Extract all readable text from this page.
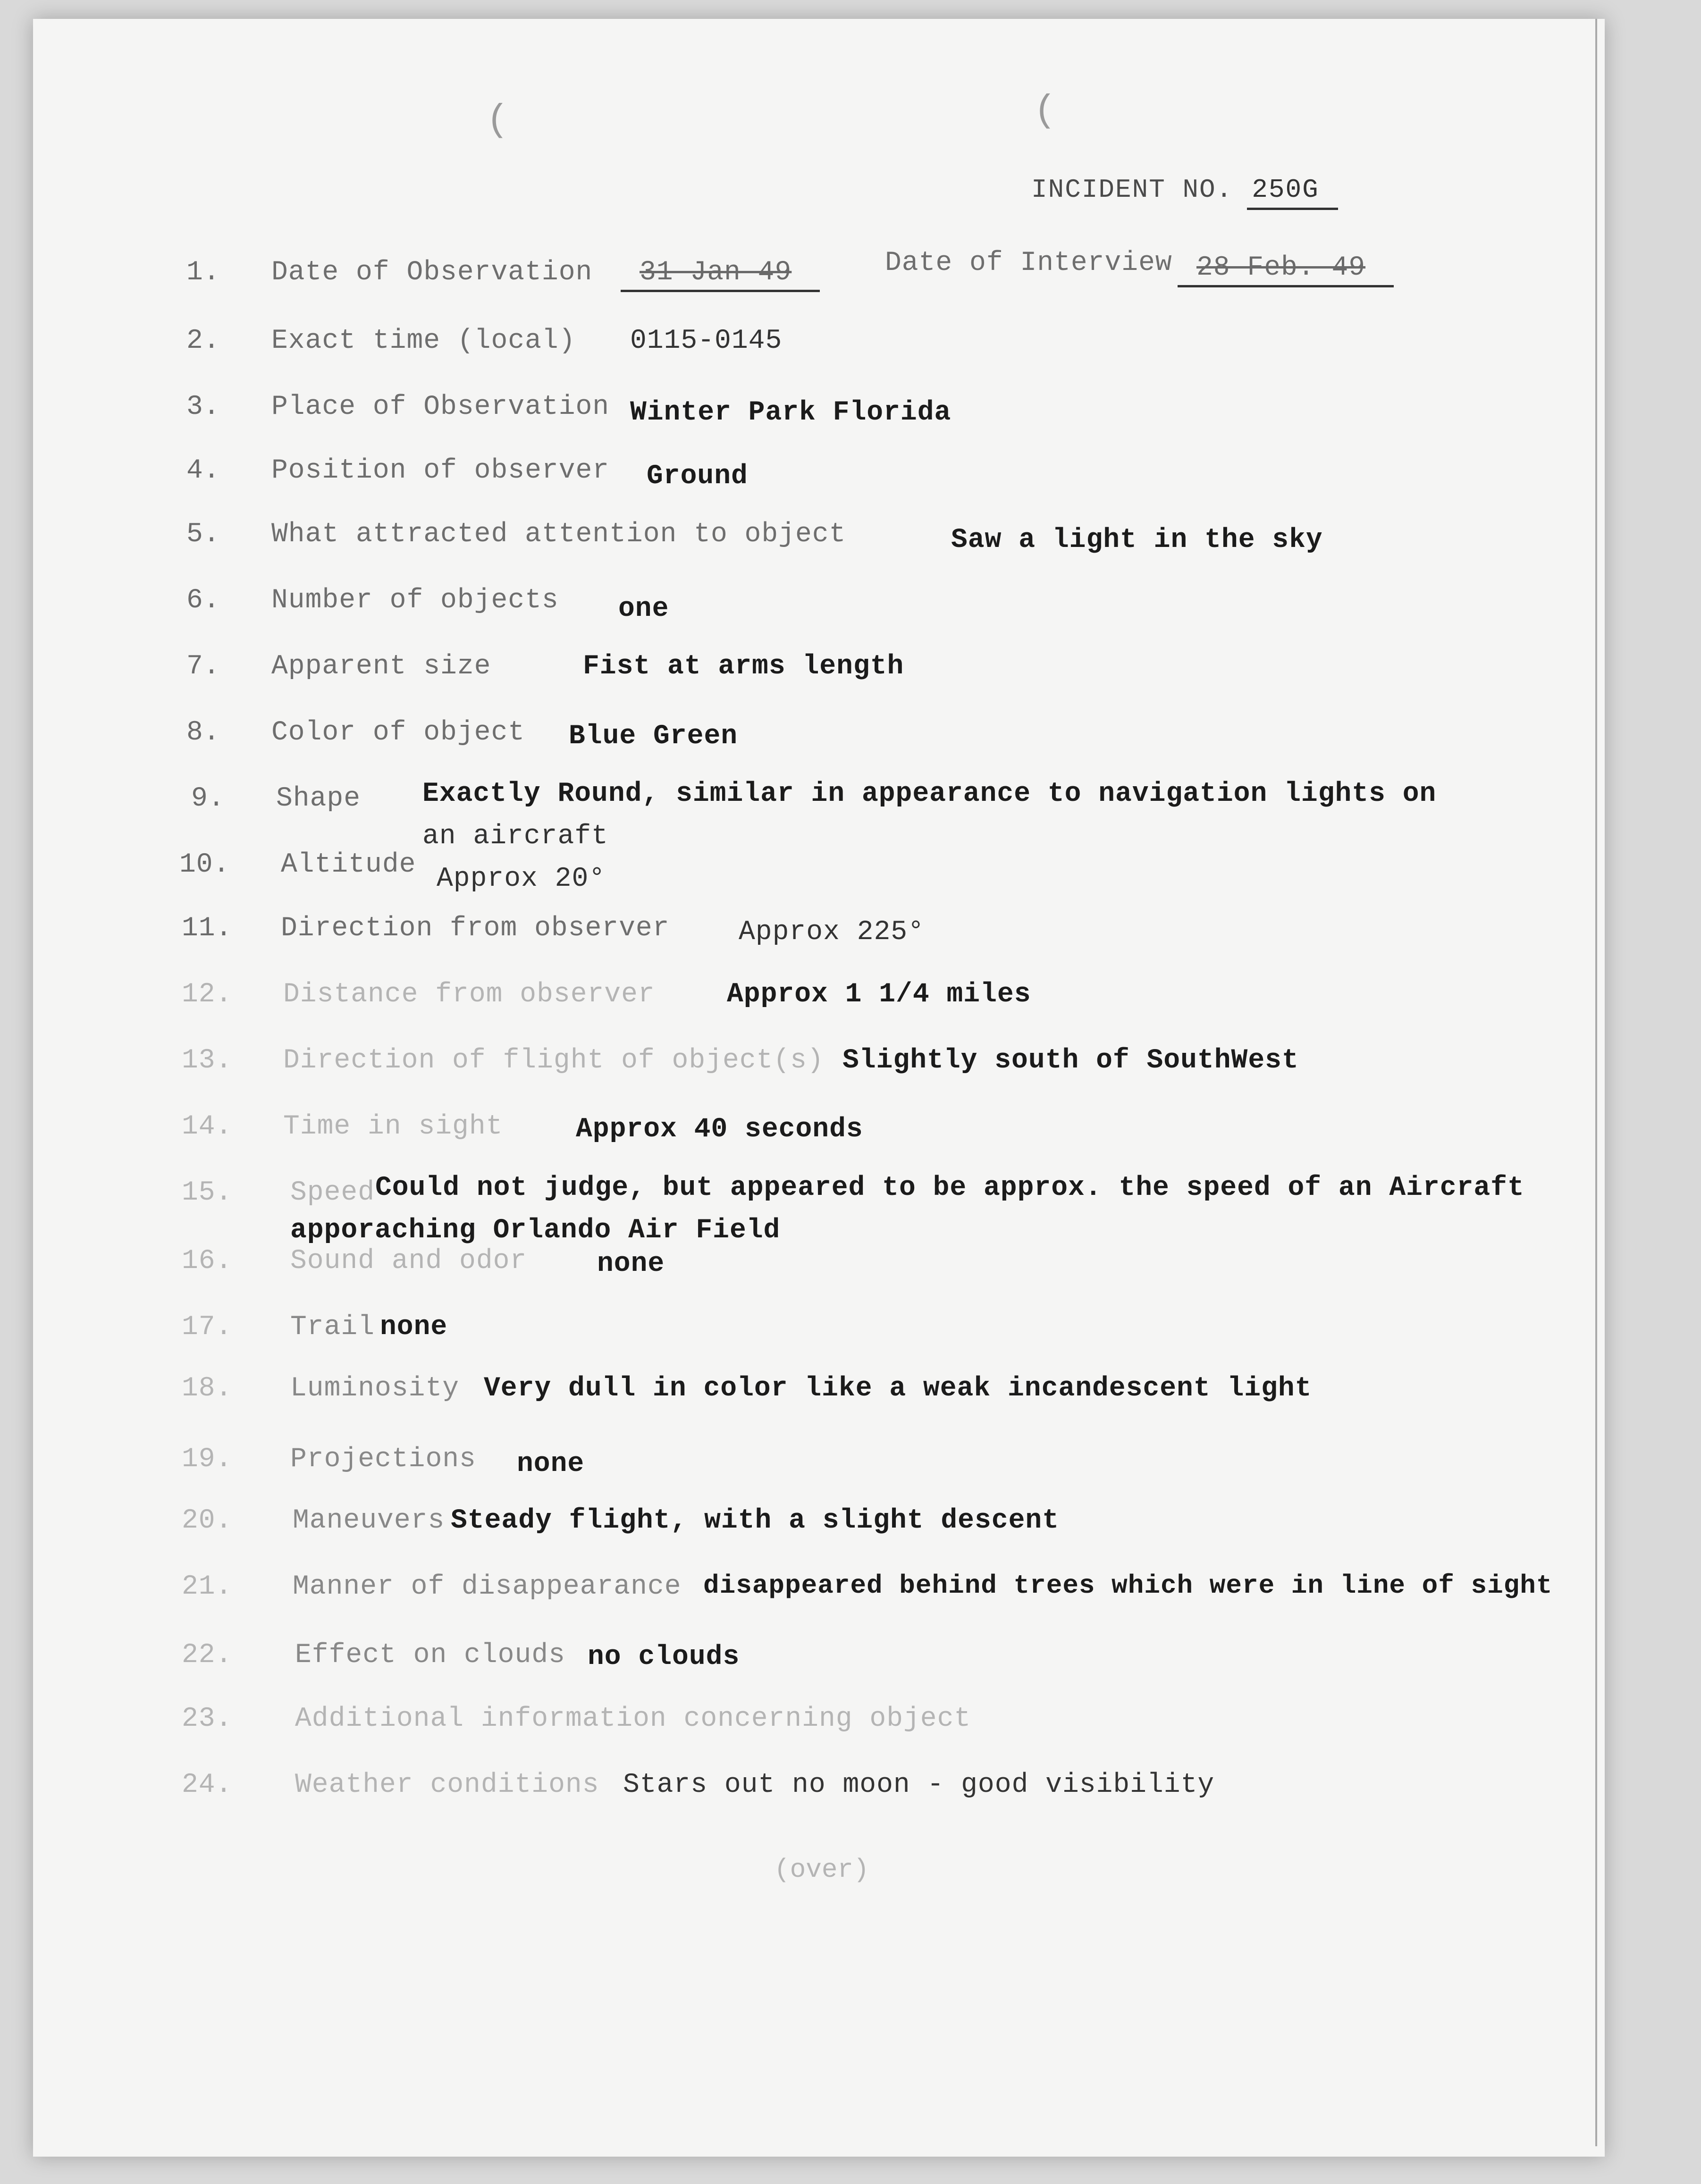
(	(
INCIDENT NO. 250G
1. Date of Observation	31 Jan 49	Date of Interview 28 Feb. 49
2. Exact time (local) 0115-0145
3. Place of Observation Winter Park Florida
4. Position of observer Ground
5. What attracted attention to object	Saw a light in the sky
6. Number of objects one
7. Apparent size	Fist at arms length
8. Color of object Blue Green
9. Shape Exactly Round, similar in appearance to navigation lights on
an aircraft
10. Altitude Approx 20°
11. Direction from observer	Approx 225°
12. Distance from observer	Approx 1 1/4 miles
13. Direction of flight of object(s) Slightly south of SouthWest
14. Time in sight	Approx 40 seconds
15. Speed Could not judge, but appeared to be approx. the speed of an Aircraft
apporaching Orlando Air Field
16. Sound and odor	none
17. Trail none
18. Luminosity Very dull in color like a weak incandescent light
19. Projections none
20. Maneuvers Steady flight, with a slight descent
21. Manner of disappearance disappeared behind trees which were in line of sight
22. Effect on clouds no clouds
23. Additional information concerning object
24. Weather conditions Stars out no moon - good visibility
(over)
